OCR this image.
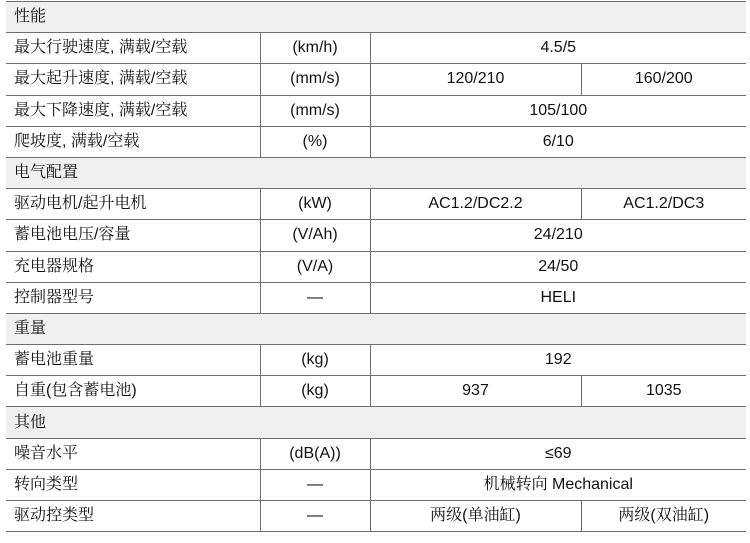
性能			
最大行驶速度, 满载/空载	(km/h)	4.5/5	
最大起升速度, 满载/空载	(mm/s)	120/210	160/200
最大下降速度, 满载/空载	(mm/s)	105/100	
爬坡度, 满载/空载	(%)	6/10	
电气配置			
驱动电机/起升电机	(kW)	AC1.2/DC2.2	AC1.2/DC3
蓄电池电压/容量	(V/Ah)	24/210	
充电器规格	(V/A)	24/50	
控制器型号	—	HELI	
重量			
蓄电池重量	(kg)	192	
自重(包含蓄电池)	(kg)	937	1035
其他			
噪音水平	(dB(A))	≤69	
转向类型	—	机械转向 Mechanical	
驱动控类型	—	两级(单油缸)	两级(双油缸)
